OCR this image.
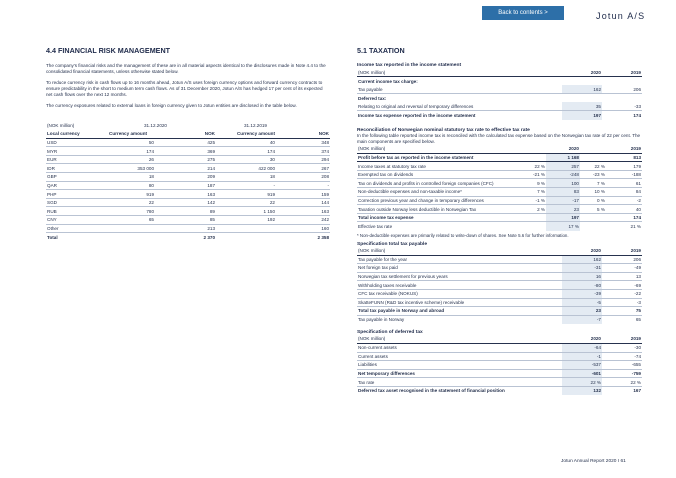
Back to contents >	Jotun A/S
4.4 FINANCIAL RISK MANAGEMENT

The company's financial risks and the management of these are in all material aspects identical to the disclosures made in Note 4.4 to the consolidated financial statements, unless otherwise stated below.

To reduce currency risk in cash flows up to 16 months ahead, Jotun A/S uses foreign currency options and forward currency contracts to ensure predictability in the short to medium term cash flows. As of 31 December 2020, Jotun A/S has hedged 17 per cent of its expected net cash flows over the next 12 months.

The currency exposures related to external loans in foreign currency given to Jotun entities are disclosed in the table below.

(NOK million)	31.12.2020		31.12.2019	
Local currency	Currency amount	NOK	Currency amount	NOK
USD	50	425	40	348
MYR	174	369	174	374
EUR	26	275	30	294
IDR	353 000	214	422 000	267
GBP	18	209	18	208
QAR	80	187	-	-
PHP	919	163	919	159
SGD	22	142	22	144
RUB	780	89	1 150	163
CNY	65	85	192	242
Other		213		160
Total		2 370		2 358
5.1 TAXATION
Income tax reported in the income statement
(NOK million)	2020	2019
Current income tax charge:		
Tax payable	162	206
Deferred tax:		
Relating to original and reversal of temporary differences	35	-33
Income tax expense reported in the income statement	197	174
Reconciliation of Norwegian nominal statutory tax rate to effective tax rate

In the following table reported income tax is reconciled with the calculated tax expense based on the Norwegian tax rate of 22 per cent. The main components are specified below.

(NOK million)		2020		2019
Profit before tax as reported in the income statement		1 168		813
Income taxes at statutory tax rate	22 %	257	22 %	179
Exempted tax on dividends	-21 %	-248	-23 %	-188
Tax on dividends and profits in controlled foreign companies (CFC)	9 %	100	7 %	61
Non-deductible expenses and non-taxable income*	7 %	83	10 %	84
Correction previous year and change in temporary differences	-1 %	-17	0 %	-2
Taxation outside Norway less deductible in Norwegian Tax	2 %	23	5 %	40
Total income tax expense		197		174
Effective tax rate		17 %		21 %
* Non-deductible expenses are primarily related to write-down of shares. See Note 5.6 for further information.
Specification total tax payable
(NOK million)	2020	2019
Tax payable for the year	162	206
Net foreign tax paid	-31	-49
Norwegian tax settlement for previous years	16	13
Withholding taxes receivable	-80	-69
CFC tax receivable (NOKUS)	-39	-22
SkatteFUNN (R&D tax incentive scheme) receivable	-5	-3
Total tax payable in Norway and abroad	23	75
Tax payable in Norway	-7	65
Specification of deferred tax
(NOK million)	2020	2019
Non-current assets	-64	-30
Current assets	-1	-74
Liabilities	-537	-655
Net temporary differences	-601	-759
Tax rate	22 %	22 %
Deferred tax asset recognised in the statement of financial position	132	167
Jotun Annual Report 2020 I 61
